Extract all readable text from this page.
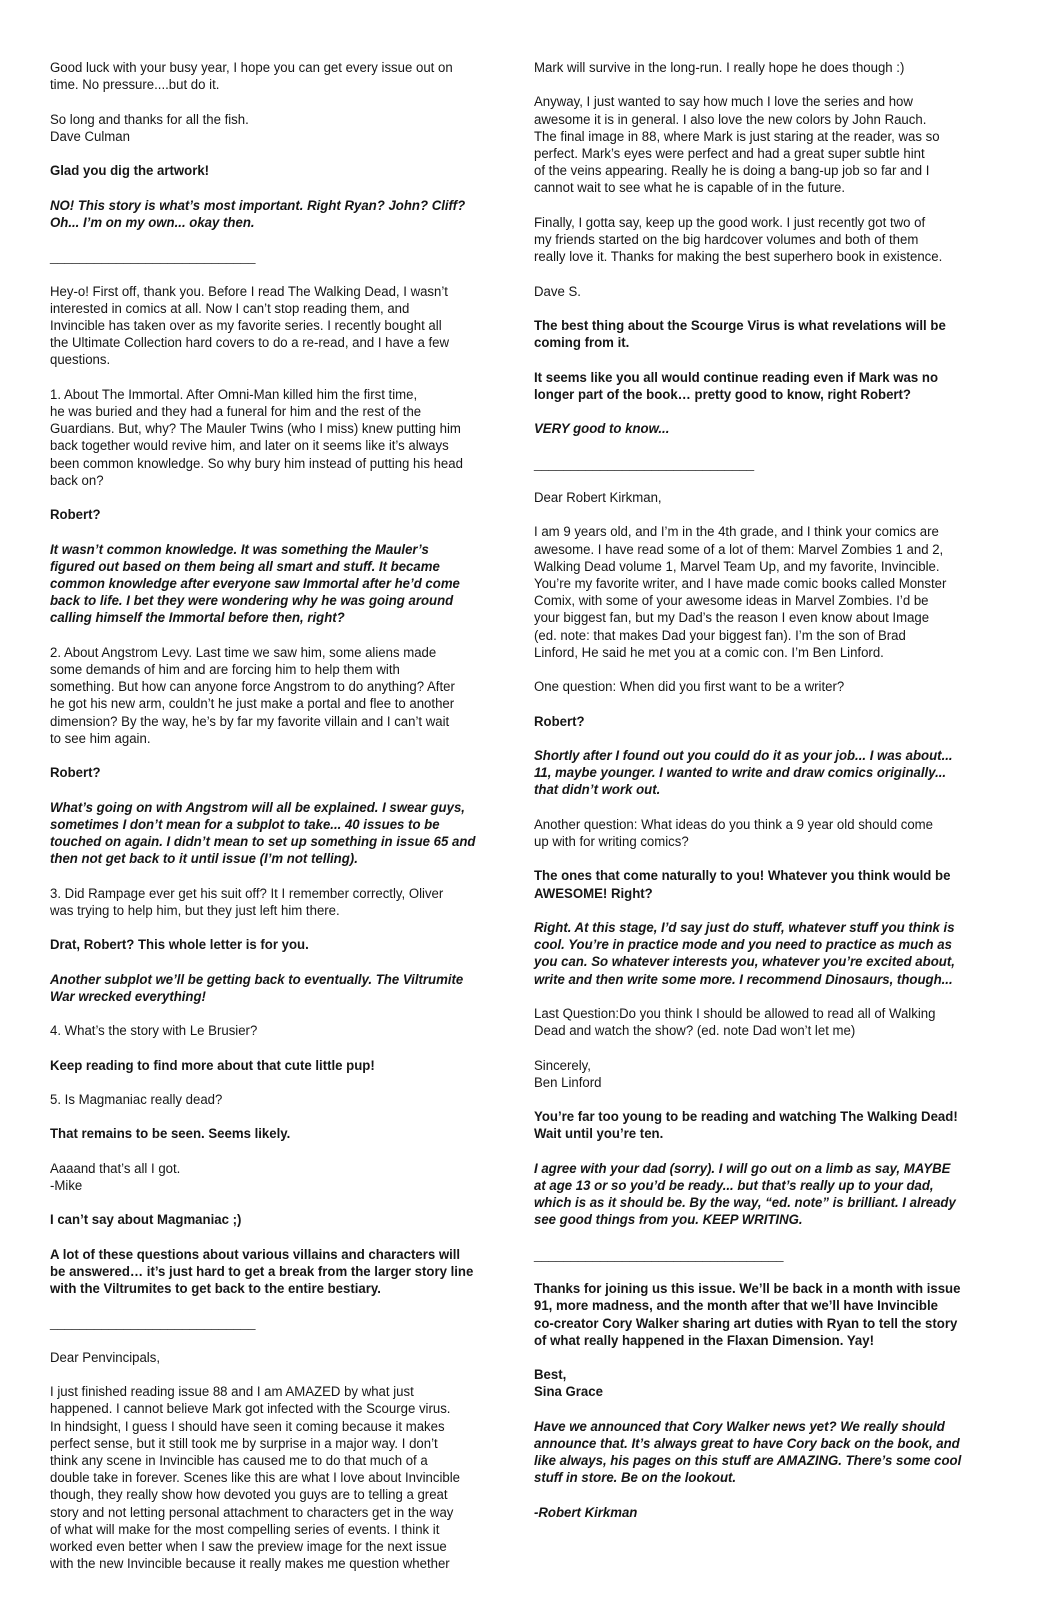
Good luck with your busy year, I hope you can get every issue out on
time. No pressure....but do it.

So long and thanks for all the fish.
Dave Culman

Glad you dig the artwork!

NO! This story is what’s most important. Right Ryan? John? Cliff?
Oh... I’m on my own... okay then.

____________________________

Hey-o! First off, thank you. Before I read The Walking Dead, I wasn’t
interested in comics at all. Now I can’t stop reading them, and
Invincible has taken over as my favorite series. I recently bought all
the Ultimate Collection hard covers to do a re-read, and I have a few
questions.

1. About The Immortal. After Omni-Man killed him the first time,
he was buried and they had a funeral for him and the rest of the
Guardians. But, why? The Mauler Twins (who I miss) knew putting him
back together would revive him, and later on it seems like it’s always
been common knowledge. So why bury him instead of putting his head
back on?

Robert?

It wasn’t common knowledge. It was something the Mauler’s
figured out based on them being all smart and stuff. It became
common knowledge after everyone saw Immortal after he’d come
back to life. I bet they were wondering why he was going around
calling himself the Immortal before then, right?

2. About Angstrom Levy. Last time we saw him, some aliens made
some demands of him and are forcing him to help them with
something. But how can anyone force Angstrom to do anything? After
he got his new arm, couldn’t he just make a portal and flee to another
dimension? By the way, he’s by far my favorite villain and I can’t wait
to see him again.

Robert?

What’s going on with Angstrom will all be explained. I swear guys,
sometimes I don’t mean for a subplot to take... 40 issues to be
touched on again. I didn’t mean to set up something in issue 65 and
then not get back to it until issue (I’m not telling).

3. Did Rampage ever get his suit off? It I remember correctly, Oliver
was trying to help him, but they just left him there.

Drat, Robert? This whole letter is for you.

Another subplot we’ll be getting back to eventually. The Viltrumite
War wrecked everything!

4. What’s the story with Le Brusier?

Keep reading to find more about that cute little pup!

5. Is Magmaniac really dead?

That remains to be seen. Seems likely.

Aaaand that’s all I got.
-Mike

I can’t say about Magmaniac ;)

A lot of these questions about various villains and characters will
be answered… it’s just hard to get a break from the larger story line
with the Viltrumites to get back to the entire bestiary.

____________________________

Dear Penvincipals,

I just finished reading issue 88 and I am AMAZED by what just
happened. I cannot believe Mark got infected with the Scourge virus.
In hindsight, I guess I should have seen it coming because it makes
perfect sense, but it still took me by surprise in a major way. I don’t
think any scene in Invincible has caused me to do that much of a
double take in forever. Scenes like this are what I love about Invincible
though, they really show how devoted you guys are to telling a great
story and not letting personal attachment to characters get in the way
of what will make for the most compelling series of events. I think it
worked even better when I saw the preview image for the next issue
with the new Invincible because it really makes me question whether

Mark will survive in the long-run. I really hope he does though :)

Anyway, I just wanted to say how much I love the series and how
awesome it is in general. I also love the new colors by John Rauch.
The final image in 88, where Mark is just staring at the reader, was so
perfect. Mark’s eyes were perfect and had a great super subtle hint
of the veins appearing. Really he is doing a bang-up job so far and I
cannot wait to see what he is capable of in the future.

Finally, I gotta say, keep up the good work. I just recently got two of
my friends started on the big hardcover volumes and both of them
really love it. Thanks for making the best superhero book in existence.

Dave S.

The best thing about the Scourge Virus is what revelations will be
coming from it.

It seems like you all would continue reading even if Mark was no
longer part of the book… pretty good to know, right Robert?

VERY good to know...

______________________________

Dear Robert Kirkman,

I am 9 years old, and I’m in the 4th grade, and I think your comics are
awesome. I have read some of a lot of them: Marvel Zombies 1 and 2,
Walking Dead volume 1, Marvel Team Up, and my favorite, Invincible.
You’re my favorite writer, and I have made comic books called Monster
Comix, with some of your awesome ideas in Marvel Zombies. I’d be
your biggest fan, but my Dad’s the reason I even know about Image
(ed. note: that makes Dad your biggest fan). I’m the son of Brad
Linford, He said he met you at a comic con. I’m Ben Linford.

One question: When did you first want to be a writer?

Robert?

Shortly after I found out you could do it as your job... I was about...
11, maybe younger. I wanted to write and draw comics originally...
that didn’t work out.

Another question: What ideas do you think a 9 year old should come
up with for writing comics?

The ones that come naturally to you! Whatever you think would be
AWESOME! Right?

Right. At this stage, I’d say just do stuff, whatever stuff you think is
cool. You’re in practice mode and you need to practice as much as
you can. So whatever interests you, whatever you’re excited about,
write and then write some more. I recommend Dinosaurs, though...

Last Question:Do you think I should be allowed to read all of Walking
Dead and watch the show? (ed. note Dad won’t let me)

Sincerely,
Ben Linford

You’re far too young to be reading and watching The Walking Dead!
Wait until you’re ten.

I agree with your dad (sorry). I will go out on a limb as say, MAYBE
at age 13 or so you’d be ready... but that’s really up to your dad,
which is as it should be. By the way, “ed. note” is brilliant. I already
see good things from you. KEEP WRITING.

__________________________________

Thanks for joining us this issue. We’ll be back in a month with issue
91, more madness, and the month after that we’ll have Invincible
co-creator Cory Walker sharing art duties with Ryan to tell the story
of what really happened in the Flaxan Dimension. Yay!

Best,
Sina Grace

Have we announced that Cory Walker news yet? We really should
announce that. It’s always great to have Cory back on the book, and
like always, his pages on this stuff are AMAZING. There’s some cool
stuff in store. Be on the lookout.

-Robert Kirkman
